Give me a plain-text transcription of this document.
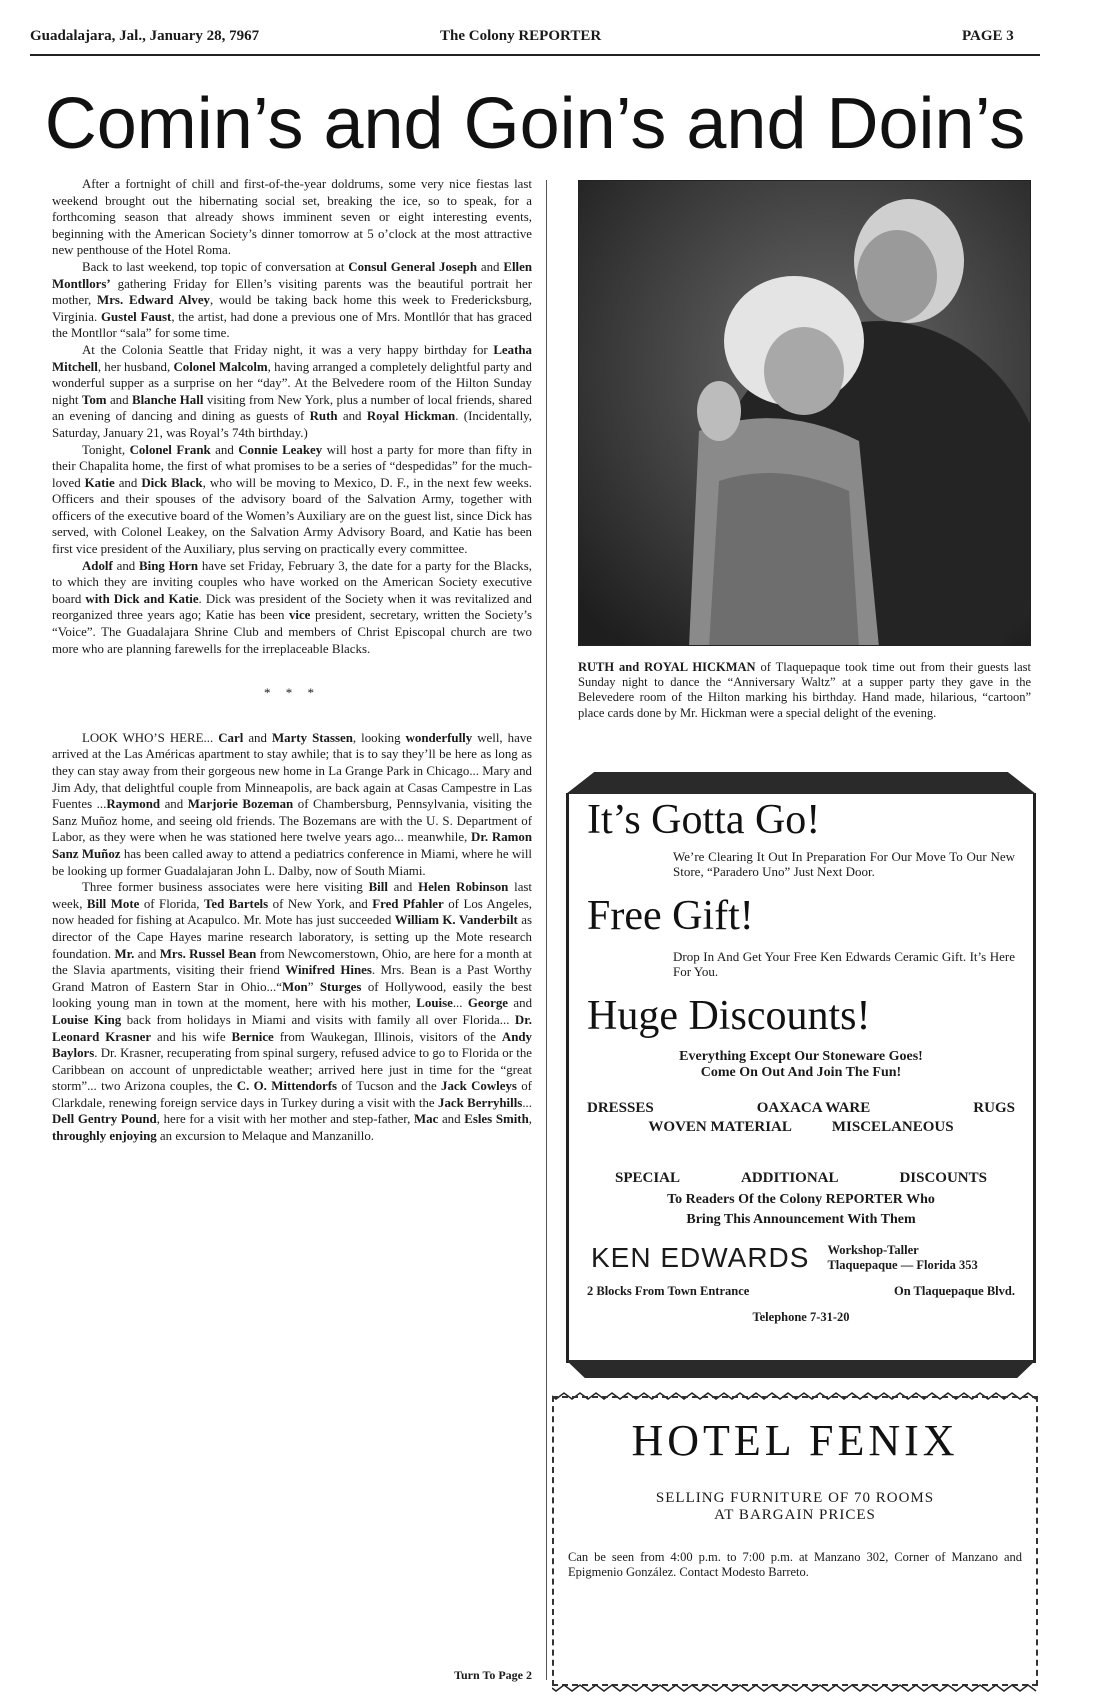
Guadalajara, Jal., January 28, 7967	The Colony REPORTER	PAGE 3
Comin’s and Goin’s and Doin’s

After a fortnight of chill and first-of-the-year doldrums, some very nice fiestas last weekend brought out the hibernating social set, breaking the ice, so to speak, for a forthcoming season that already shows imminent seven or eight interesting events, beginning with the American Society’s dinner tomorrow at 5 o’clock at the most attractive new penthouse of the Hotel Roma.

Back to last weekend, top topic of conversation at Consul General Joseph and Ellen Montllors’ gathering Friday for Ellen’s visiting parents was the beautiful portrait her mother, Mrs. Edward Alvey, would be taking back home this week to Fredericksburg, Virginia. Gustel Faust, the artist, had done a previous one of Mrs. Montllór that has graced the Montllor “sala” for some time.

At the Colonia Seattle that Friday night, it was a very happy birthday for Leatha Mitchell, her husband, Colonel Malcolm, having arranged a completely delightful party and wonderful supper as a surprise on her “day”. At the Belvedere room of the Hilton Sunday night Tom and Blanche Hall visiting from New York, plus a number of local friends, shared an evening of dancing and dining as guests of Ruth and Royal Hickman. (Incidentally, Saturday, January 21, was Royal’s 74th birthday.)

Tonight, Colonel Frank and Connie Leakey will host a party for more than fifty in their Chapalita home, the first of what promises to be a series of “despedidas” for the much-loved Katie and Dick Black, who will be moving to Mexico, D. F., in the next few weeks. Officers and their spouses of the advisory board of the Salvation Army, together with officers of the executive board of the Women’s Auxiliary are on the guest list, since Dick has served, with Colonel Leakey, on the Salvation Army Advisory Board, and Katie has been first vice president of the Auxiliary, plus serving on practically every committee.

Adolf and Bing Horn have set Friday, February 3, the date for a party for the Blacks, to which they are inviting couples who have worked on the American Society executive board with Dick and Katie. Dick was president of the Society when it was revitalized and reorganized three years ago; Katie has been vice president, secretary, written the Society’s “Voice”. The Guadalajara Shrine Club and members of Christ Episcopal church are two more who are planning farewells for the irreplaceable Blacks.

* * *

LOOK WHO’S HERE... Carl and Marty Stassen, looking wonderfully well, have arrived at the Las Américas apartment to stay awhile; that is to say they’ll be here as long as they can stay away from their gorgeous new home in La Grange Park in Chicago... Mary and Jim Ady, that delightful couple from Minneapolis, are back again at Casas Campestre in Las Fuentes ...Raymond and Marjorie Bozeman of Chambersburg, Pennsylvania, visiting the Sanz Muñoz home, and seeing old friends. The Bozemans are with the U. S. Department of Labor, as they were when he was stationed here twelve years ago... meanwhile, Dr. Ramon Sanz Muñoz has been called away to attend a pediatrics conference in Miami, where he will be looking up former Guadalajaran John L. Dalby, now of South Miami.

Three former business associates were here visiting Bill and Helen Robinson last week, Bill Mote of Florida, Ted Bartels of New York, and Fred Pfahler of Los Angeles, now headed for fishing at Acapulco. Mr. Mote has just succeeded William K. Vanderbilt as director of the Cape Hayes marine research laboratory, is setting up the Mote research foundation. Mr. and Mrs. Russel Bean from Newcomerstown, Ohio, are here for a month at the Slavia apartments, visiting their friend Winifred Hines. Mrs. Bean is a Past Worthy Grand Matron of Eastern Star in Ohio...“Mon” Sturges of Hollywood, easily the best looking young man in town at the moment, here with his mother, Louise... George and Louise King back from holidays in Miami and visits with family all over Florida... Dr. Leonard Krasner and his wife Bernice from Waukegan, Illinois, visitors of the Andy Baylors. Dr. Krasner, recuperating from spinal surgery, refused advice to go to Florida or the Caribbean on account of unpredictable weather; arrived here just in time for the “great storm”... two Arizona couples, the C. O. Mittendorfs of Tucson and the Jack Cowleys of Clarkdale, renewing foreign service days in Turkey during a visit with the Jack Berryhills... Dell Gentry Pound, here for a visit with her mother and step-father, Mac and Esles Smith, throughly enjoying an excursion to Melaque and Manzanillo.

Turn To Page 2
RUTH and ROYAL HICKMAN of Tlaquepaque took time out from their guests last Sunday night to dance the “Anniversary Waltz” at a supper party they gave in the Belevedere room of the Hilton marking his birthday. Hand made, hilarious, “cartoon” place cards done by Mr. Hickman were a special delight of the evening.
It’s Gotta Go!
We’re Clearing It Out In Preparation For Our Move To Our New Store, “Paradero Uno” Just Next Door.
Free Gift!
Drop In And Get Your Free Ken Edwards Ceramic Gift. It’s Here For You.
Huge Discounts!
Everything Except Our Stoneware Goes!
Come On Out And Join The Fun!
DRESSES	OAXACA WARE	RUGS
WOVEN MATERIAL	MISCELANEOUS
SPECIAL	ADDITIONAL	DISCOUNTS
To Readers Of the Colony REPORTER Who
Bring This Announcement With Them
KEN EDWARDS Workshop-Taller
Tlaquepaque — Florida 353
2 Blocks From Town Entrance	On Tlaquepaque Blvd.
Telephone 7-31-20
HOTEL FENIX
SELLING FURNITURE OF 70 ROOMS
AT BARGAIN PRICES
Can be seen from 4:00 p.m. to 7:00 p.m. at Manzano 302, Corner of Manzano and Epigmenio González. Contact Modesto Barreto.
